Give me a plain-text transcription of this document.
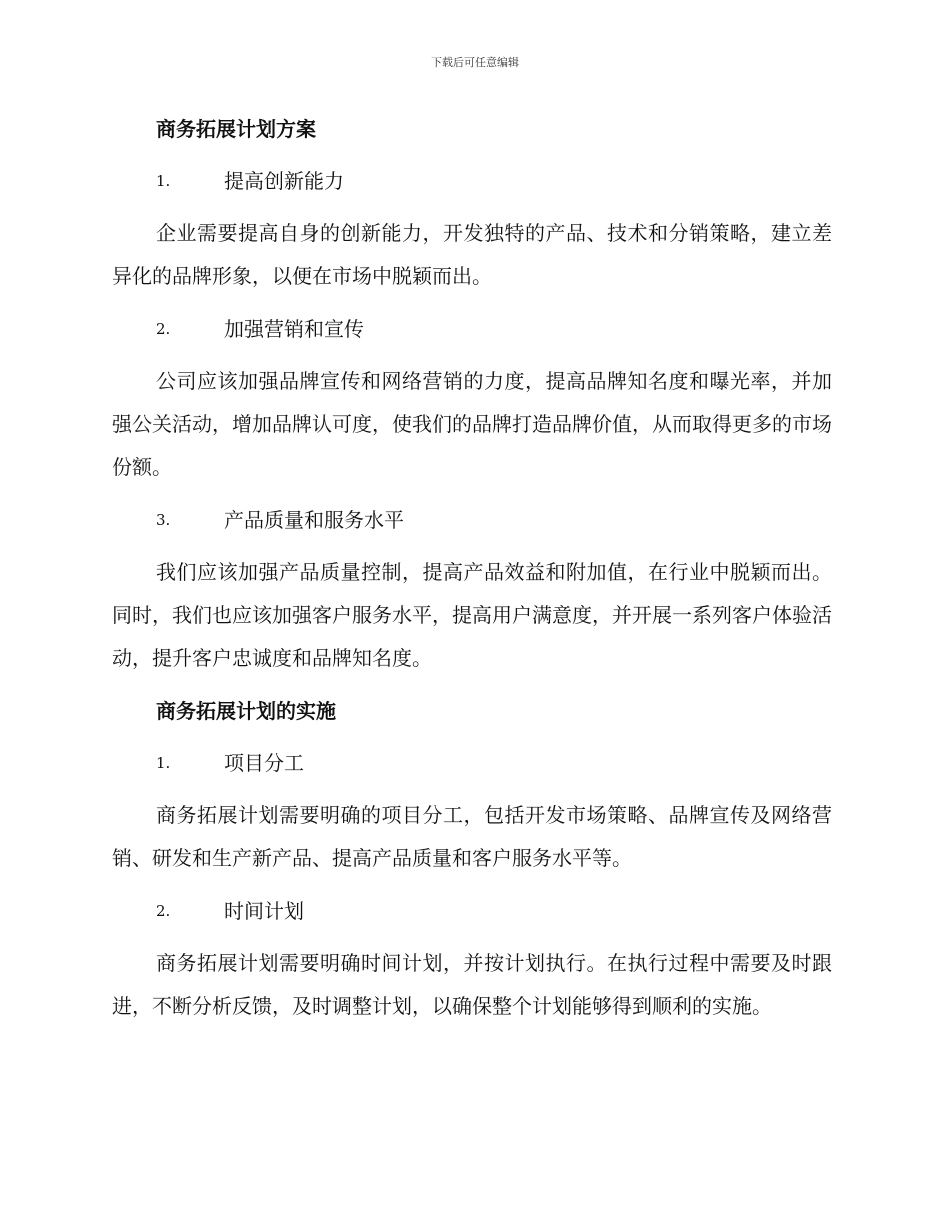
下载后可任意编辑
商务拓展计划方案
1.	提高创新能力

企业需要提高自身的创新能力，开发独特的产品、技术和分销策略，建立差异化的品牌形象，以便在市场中脱颖而出。

2.	加强营销和宣传

公司应该加强品牌宣传和网络营销的力度，提高品牌知名度和曝光率，并加强公关活动，增加品牌认可度，使我们的品牌打造品牌价值，从而取得更多的市场份额。

3.	产品质量和服务水平

我们应该加强产品质量控制，提高产品效益和附加值，在行业中脱颖而出。同时，我们也应该加强客户服务水平，提高用户满意度，并开展一系列客户体验活动，提升客户忠诚度和品牌知名度。

商务拓展计划的实施
1.	项目分工

商务拓展计划需要明确的项目分工，包括开发市场策略、品牌宣传及网络营销、研发和生产新产品、提高产品质量和客户服务水平等。

2.	时间计划

商务拓展计划需要明确时间计划，并按计划执行。在执行过程中需要及时跟进，不断分析反馈，及时调整计划，以确保整个计划能够得到顺利的实施。
